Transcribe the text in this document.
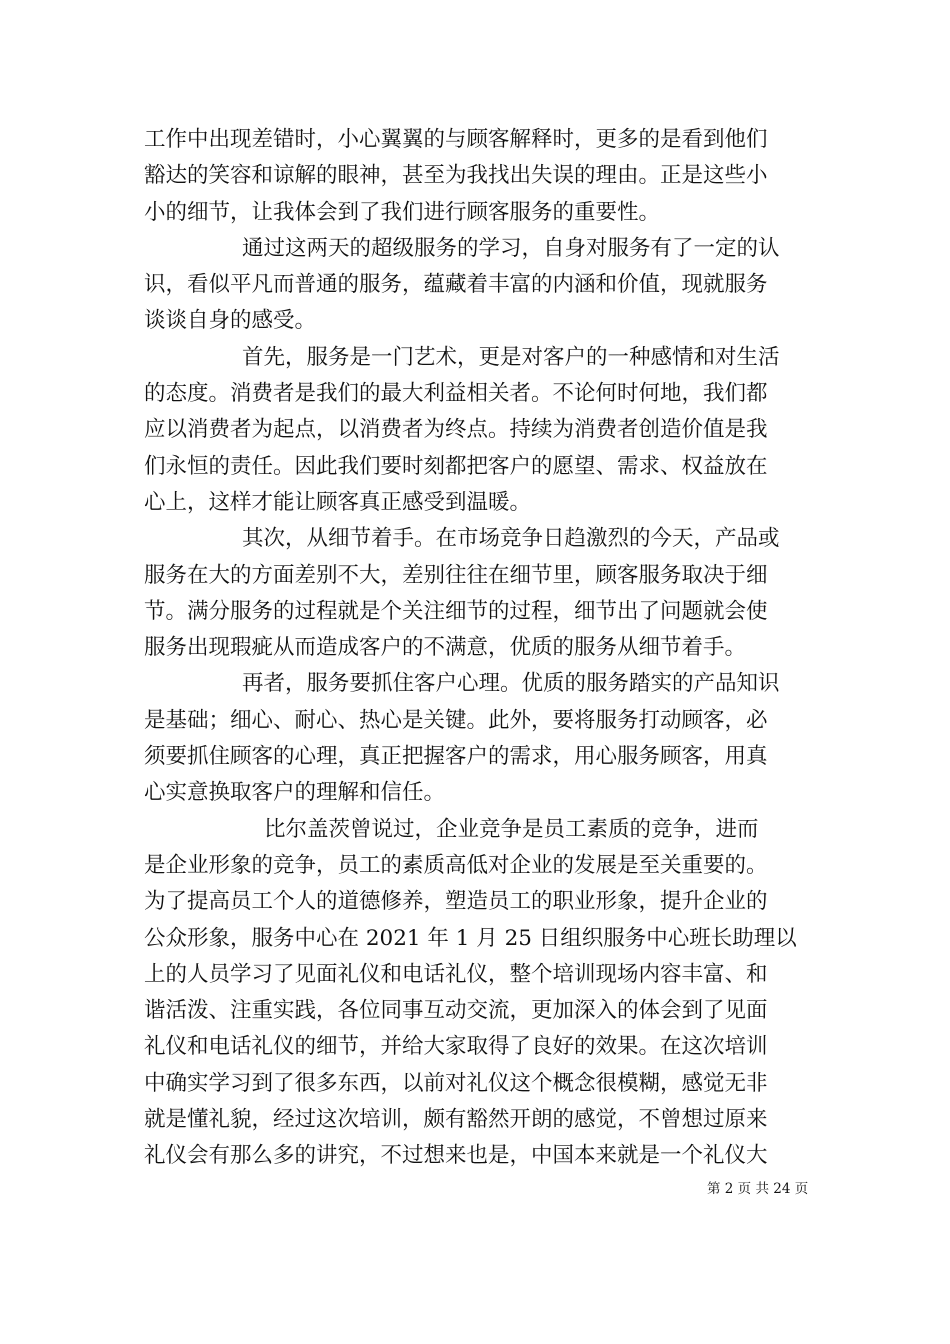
工作中出现差错时，小心翼翼的与顾客解释时，更多的是看到他们
豁达的笑容和谅解的眼神，甚至为我找出失误的理由。正是这些小
小的细节，让我体会到了我们进行顾客服务的重要性。
通过这两天的超级服务的学习，自身对服务有了一定的认
识，看似平凡而普通的服务，蕴藏着丰富的内涵和价值，现就服务
谈谈自身的感受。
首先，服务是一门艺术，更是对客户的一种感情和对生活
的态度。消费者是我们的最大利益相关者。不论何时何地，我们都
应以消费者为起点，以消费者为终点。持续为消费者创造价值是我
们永恒的责任。因此我们要时刻都把客户的愿望、需求、权益放在
心上，这样才能让顾客真正感受到温暖。
其次，从细节着手。在市场竞争日趋激烈的今天，产品或
服务在大的方面差别不大，差别往往在细节里，顾客服务取决于细
节。满分服务的过程就是个关注细节的过程，细节出了问题就会使
服务出现瑕疵从而造成客户的不满意，优质的服务从细节着手。
再者，服务要抓住客户心理。优质的服务踏实的产品知识
是基础；细心、耐心、热心是关键。此外，要将服务打动顾客，必
须要抓住顾客的心理，真正把握客户的需求，用心服务顾客，用真
心实意换取客户的理解和信任。
比尔盖茨曾说过，企业竞争是员工素质的竞争，进而
是企业形象的竞争，员工的素质高低对企业的发展是至关重要的。
为了提高员工个人的道德修养，塑造员工的职业形象，提升企业的
公众形象，服务中心在 2021 年 1 月 25 日组织服务中心班长助理以
上的人员学习了见面礼仪和电话礼仪，整个培训现场内容丰富、和
谐活泼、注重实践，各位同事互动交流，更加深入的体会到了见面
礼仪和电话礼仪的细节，并给大家取得了良好的效果。在这次培训
中确实学习到了很多东西，以前对礼仪这个概念很模糊，感觉无非
就是懂礼貌，经过这次培训，颇有豁然开朗的感觉，不曾想过原来
礼仪会有那么多的讲究，不过想来也是，中国本来就是一个礼仪大
第 2 页 共 24 页
